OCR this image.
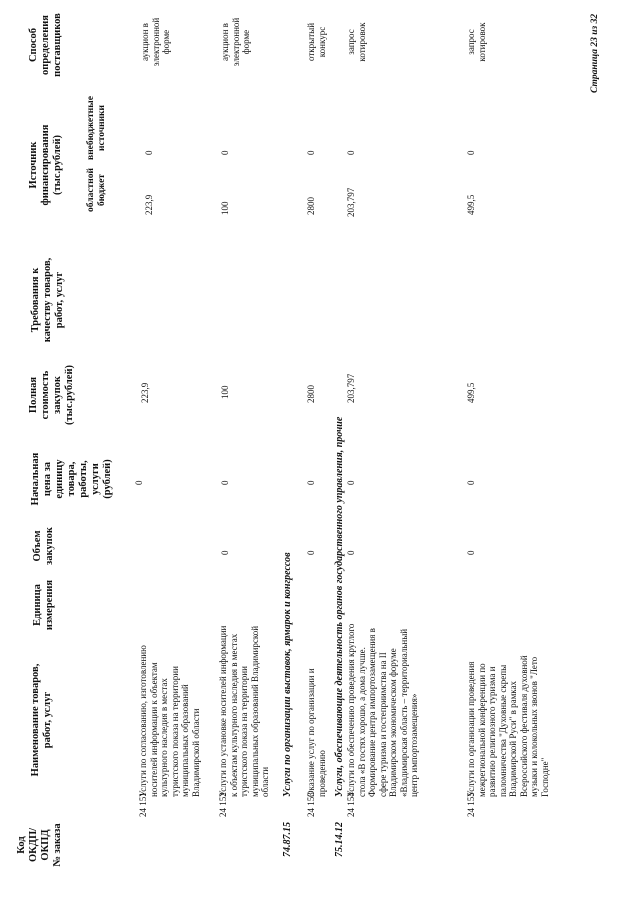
Код ОКДП/ ОКПД № заказа
Наименование товаров, работ, услуг
Единица измерения
Объем закупок
Начальная цена за единицу товара, работы, услуги (рублей)
Полная стоимость закупок (тыс.рублей)
Требования к качеству товаров, работ, услуг
Источник финансирования (тыс.рублей) областной бюджет
внебюджетные источники
Способ определения поставщиков
24 151
Услуги по согласованию, изготовлению носителей информации к объектам культурного наследия в местах туристского показа на территории муниципальных образований Владимирской области
0
223,9
223,9
0
аукцион в электронной форме
24 152
Услуги по установке носителей информации к объектам культурного наследия в местах туристского показа на территории муниципальных образований Владимирской области
0
0
100
100
0
аукцион в электронной форме
74.87.15
Услуги по организации выставок, ярмарок и конгрессов
24 153
Оказание услуг по организации и проведению
0
0
2800
2800
0
открытый конкурс
75.14.12
Услуги, обеспечивающие деятельность органов государственного управления, прочие
24 154
Услуги по обеспечению проведения круглого стола «В гостях хорошо, а дома лучше. Формирование центра импортозамещения в сфере туризма и гостеприимства на II Владимирском экономическом форуме «Владимирская область – территориальный центр импортозамещения»
0
0
203,797
203,797
0
запрос котировок
24 155
Услуги по организации проведения межрегиональной конференции по развитию религиозного туризма и паломничества "Духовные скрепы Владимирской Руси" в рамках Всероссийского фестиваля духовной музыки и колокольных звонов "Лето Господне"
0
0
499,5
499,5
0
запрос котировок	Страница 23 из 32
